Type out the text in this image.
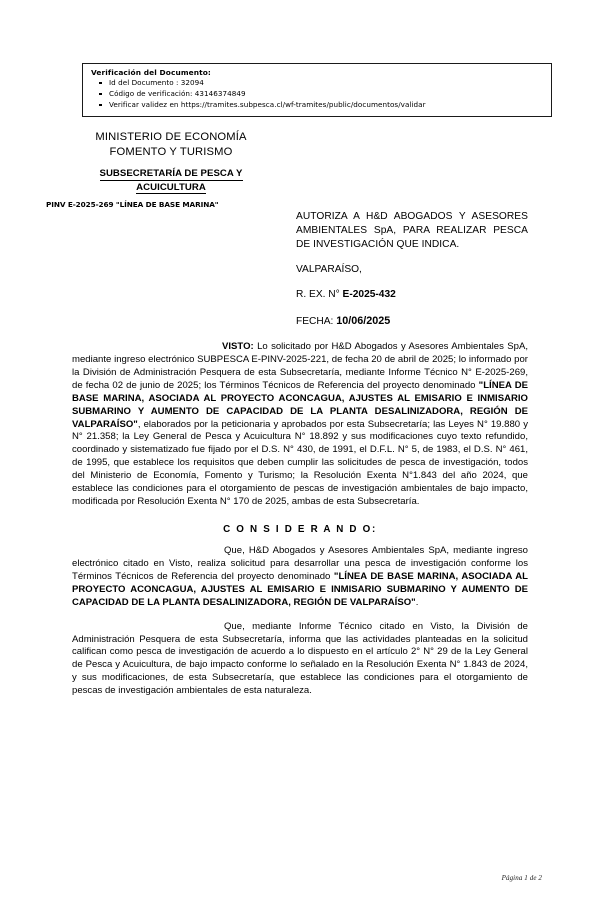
Verificación del Documento:
Id del Documento : 32094
Código de verificación: 43146374849
Verificar validez en https://tramites.subpesca.cl/wf-tramites/public/documentos/validar
MINISTERIO DE ECONOMÍA
FOMENTO Y TURISMO
SUBSECRETARÍA DE PESCA Y
ACUICULTURA
PINV E-2025-269 "LÍNEA DE BASE MARINA"
AUTORIZA A H&D ABOGADOS Y ASESORES AMBIENTALES SpA, PARA REALIZAR PESCA DE INVESTIGACIÓN QUE INDICA.
VALPARAÍSO,
R. EX. N° E-2025-432
FECHA: 10/06/2025

VISTO: Lo solicitado por H&D Abogados y Asesores Ambientales SpA, mediante ingreso electrónico SUBPESCA E-PINV-2025-221, de fecha 20 de abril de 2025; lo informado por la División de Administración Pesquera de esta Subsecretaría, mediante Informe Técnico N° E-2025-269, de fecha 02 de junio de 2025; los Términos Técnicos de Referencia del proyecto denominado "LÍNEA DE BASE MARINA, ASOCIADA AL PROYECTO ACONCAGUA, AJUSTES AL EMISARIO E INMISARIO SUBMARINO Y AUMENTO DE CAPACIDAD DE LA PLANTA DESALINIZADORA, REGIÓN DE VALPARAÍSO", elaborados por la peticionaria y aprobados por esta Subsecretaría; las Leyes N° 19.880 y N° 21.358; la Ley General de Pesca y Acuicultura N° 18.892 y sus modificaciones cuyo texto refundido, coordinado y sistematizado fue fijado por el D.S. N° 430, de 1991, el D.F.L. N° 5, de 1983, el D.S. N° 461, de 1995, que establece los requisitos que deben cumplir las solicitudes de pesca de investigación, todos del Ministerio de Economía, Fomento y Turismo; la Resolución Exenta N°1.843 del año 2024, que establece las condiciones para el otorgamiento de pescas de investigación ambientales de bajo impacto, modificada por Resolución Exenta N° 170 de 2025, ambas de esta Subsecretaría.

C O N S I D E R A N D O:

Que, H&D Abogados y Asesores Ambientales SpA, mediante ingreso electrónico citado en Visto, realiza solicitud para desarrollar una pesca de investigación conforme los Términos Técnicos de Referencia del proyecto denominado "LÍNEA DE BASE MARINA, ASOCIADA AL PROYECTO ACONCAGUA, AJUSTES AL EMISARIO E INMISARIO SUBMARINO Y AUMENTO DE CAPACIDAD DE LA PLANTA DESALINIZADORA, REGIÓN DE VALPARAÍSO".

Que, mediante Informe Técnico citado en Visto, la División de Administración Pesquera de esta Subsecretaría, informa que las actividades planteadas en la solicitud califican como pesca de investigación de acuerdo a lo dispuesto en el artículo 2° N° 29 de la Ley General de Pesca y Acuicultura, de bajo impacto conforme lo señalado en la Resolución Exenta N° 1.843 de 2024, y sus modificaciones, de esta Subsecretaría, que establece las condiciones para el otorgamiento de pescas de investigación ambientales de esta naturaleza.

Página 1 de 2
